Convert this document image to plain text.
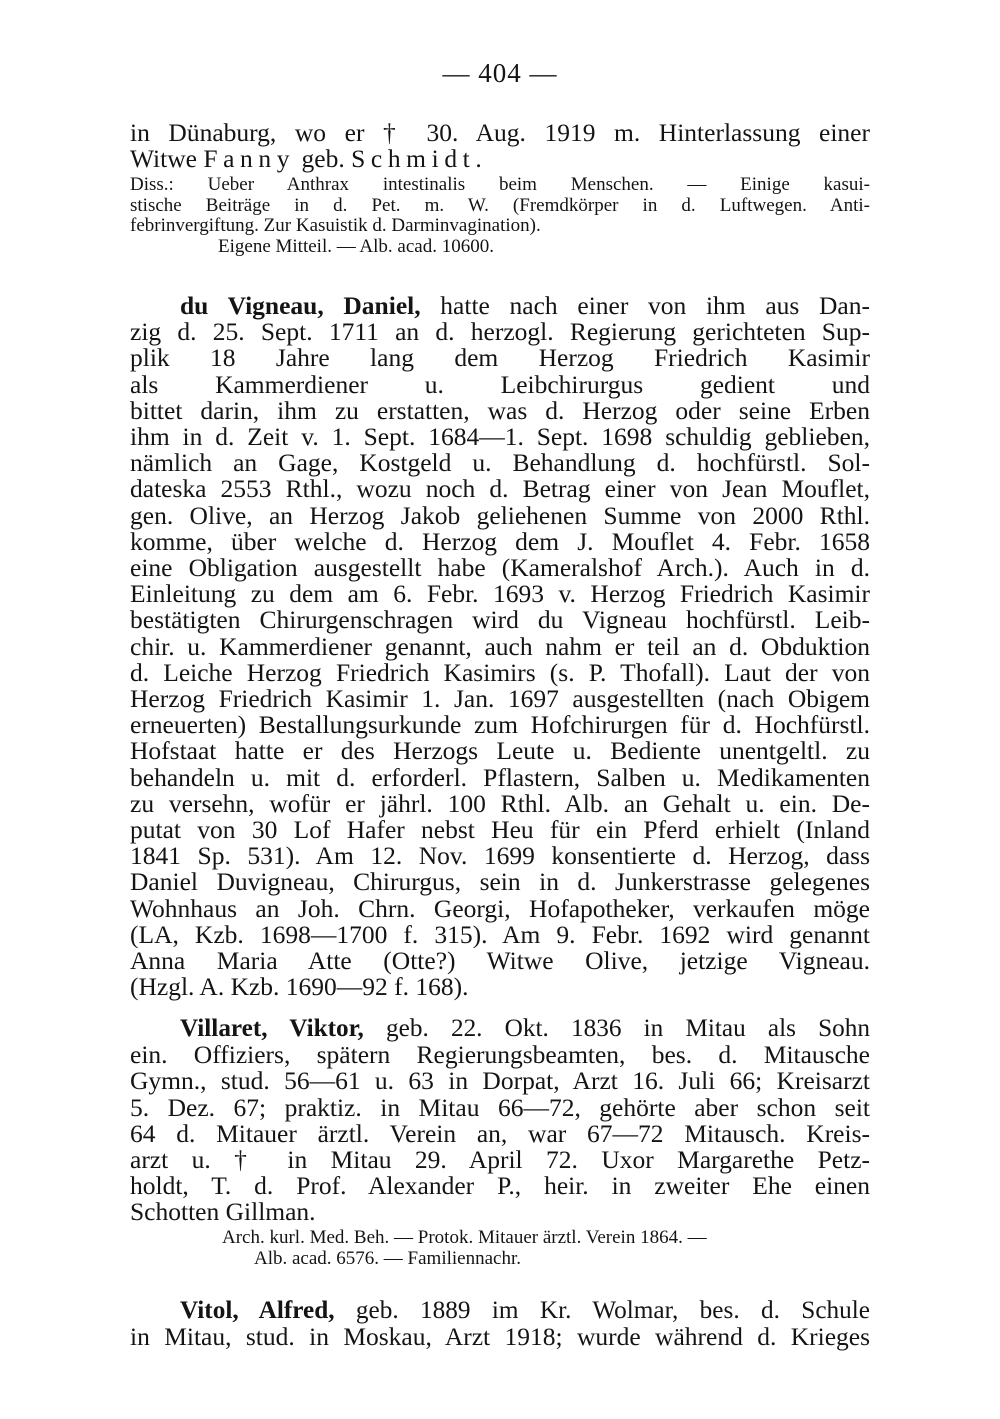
— 404 —
in Dünaburg, wo er † 30. Aug. 1919 m. Hinterlassung einer
Witwe Fanny geb. Schmidt.
Diss.: Ueber Anthrax intestinalis beim Menschen. — Einige kasui-
stische Beiträge in d. Pet. m. W. (Fremdkörper in d. Luftwegen. Anti-
febrinvergiftung. Zur Kasuistik d. Darminvagination).
Eigene Mitteil. — Alb. acad. 10600.
du Vigneau, Daniel, hatte nach einer von ihm aus Dan-
zig d. 25. Sept. 1711 an d. herzogl. Regierung gerichteten Sup-
plik 18 Jahre lang dem Herzog Friedrich Kasimir
als Kammerdiener u. Leibchirurgus gedient und
bittet darin, ihm zu erstatten, was d. Herzog oder seine Erben
ihm in d. Zeit v. 1. Sept. 1684—1. Sept. 1698 schuldig geblieben,
nämlich an Gage, Kostgeld u. Behandlung d. hochfürstl. Sol-
dateska 2553 Rthl., wozu noch d. Betrag einer von Jean Mouflet,
gen. Olive, an Herzog Jakob geliehenen Summe von 2000 Rthl.
komme, über welche d. Herzog dem J. Mouflet 4. Febr. 1658
eine Obligation ausgestellt habe (Kameralshof Arch.). Auch in d.
Einleitung zu dem am 6. Febr. 1693 v. Herzog Friedrich Kasimir
bestätigten Chirurgenschragen wird du Vigneau hochfürstl. Leib-
chir. u. Kammerdiener genannt, auch nahm er teil an d. Obduktion
d. Leiche Herzog Friedrich Kasimirs (s. P. Thofall). Laut der von
Herzog Friedrich Kasimir 1. Jan. 1697 ausgestellten (nach Obigem
erneuerten) Bestallungsurkunde zum Hofchirurgen für d. Hochfürstl.
Hofstaat hatte er des Herzogs Leute u. Bediente unentgeltl. zu
behandeln u. mit d. erforderl. Pflastern, Salben u. Medikamenten
zu versehn, wofür er jährl. 100 Rthl. Alb. an Gehalt u. ein. De-
putat von 30 Lof Hafer nebst Heu für ein Pferd erhielt (Inland
1841 Sp. 531). Am 12. Nov. 1699 konsentierte d. Herzog, dass
Daniel Duvigneau, Chirurgus, sein in d. Junkerstrasse gelegenes
Wohnhaus an Joh. Chrn. Georgi, Hofapotheker, verkaufen möge
(LA, Kzb. 1698—1700 f. 315). Am 9. Febr. 1692 wird genannt
Anna Maria Atte (Otte?) Witwe Olive, jetzige Vigneau.
(Hzgl. A. Kzb. 1690—92 f. 168).
Villaret, Viktor, geb. 22. Okt. 1836 in Mitau als Sohn
ein. Offiziers, spätern Regierungsbeamten, bes. d. Mitausche
Gymn., stud. 56—61 u. 63 in Dorpat, Arzt 16. Juli 66; Kreisarzt
5. Dez. 67; praktiz. in Mitau 66—72, gehörte aber schon seit
64 d. Mitauer ärztl. Verein an, war 67—72 Mitausch. Kreis-
arzt u. † in Mitau 29. April 72. Uxor Margarethe Petz-
holdt, T. d. Prof. Alexander P., heir. in zweiter Ehe einen
Schotten Gillman.
Arch. kurl. Med. Beh. — Protok. Mitauer ärztl. Verein 1864. —
Alb. acad. 6576. — Familiennachr.
Vitol, Alfred, geb. 1889 im Kr. Wolmar, bes. d. Schule
in Mitau, stud. in Moskau, Arzt 1918; wurde während d. Krieges
